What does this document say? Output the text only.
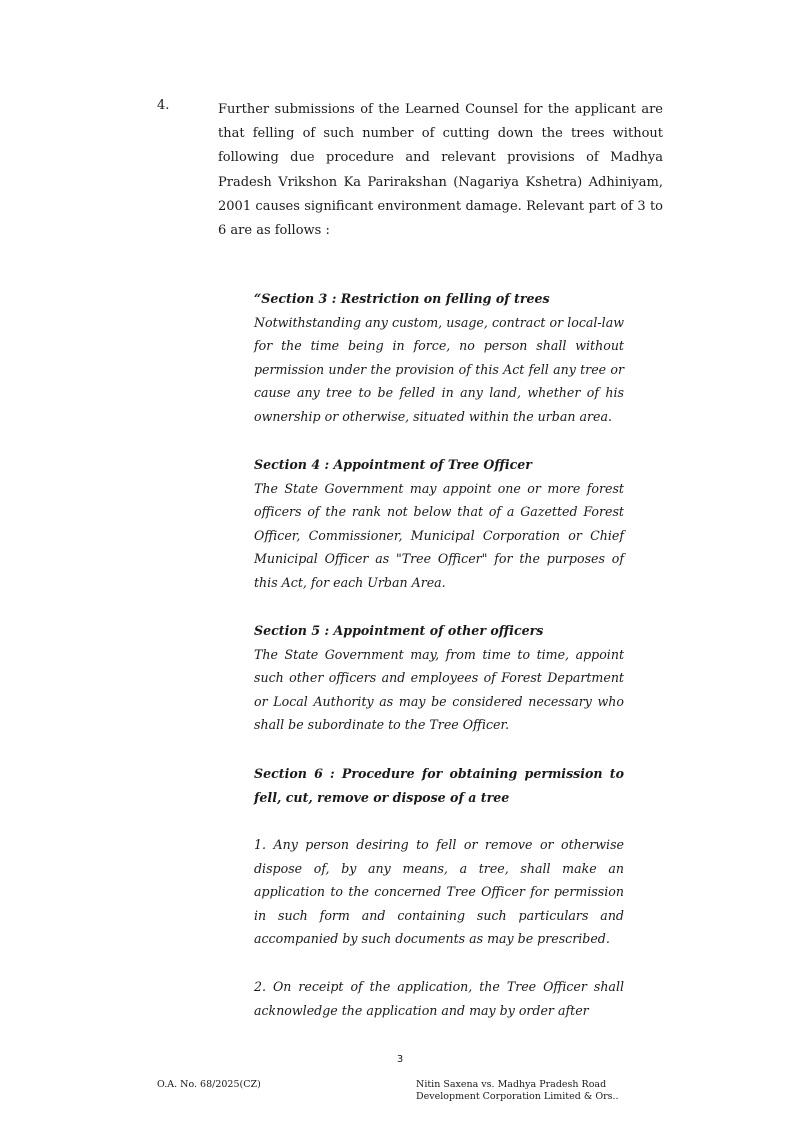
4.	Further submissions of the Learned Counsel for the applicant are that felling of such number of cutting down the trees without following due procedure and relevant provisions of Madhya Pradesh Vrikshon Ka Parirakshan (Nagariya Kshetra) Adhiniyam, 2001 causes significant environment damage. Relevant part of 3 to 6 are as follows :
“Section 3 : Restriction on felling of trees
Notwithstanding any custom, usage, contract or local-law for the time being in force, no person shall without permission under the provision of this Act fell any tree or cause any tree to be felled in any land, whether of his ownership or otherwise, situated within the urban area.
Section 4 : Appointment of Tree Officer
The State Government may appoint one or more forest officers of the rank not below that of a Gazetted Forest Officer, Commissioner, Municipal Corporation or Chief Municipal Officer as "Tree Officer" for the purposes of this Act, for each Urban Area.
Section 5 : Appointment of other officers
The State Government may, from time to time, appoint such other officers and employees of Forest Department or Local Authority as may be considered necessary who shall be subordinate to the Tree Officer.
Section 6 : Procedure for obtaining permission to fell, cut, remove or dispose of a tree
1. Any person desiring to fell or remove or otherwise dispose of, by any means, a tree, shall make an application to the concerned Tree Officer for permission in such form and containing such particulars and accompanied by such documents as may be prescribed.
2. On receipt of the application, the Tree Officer shall acknowledge the application and may by order after
3
O.A. No. 68/2025(CZ)	Nitin Saxena vs. Madhya Pradesh Road
Development Corporation Limited & Ors..
